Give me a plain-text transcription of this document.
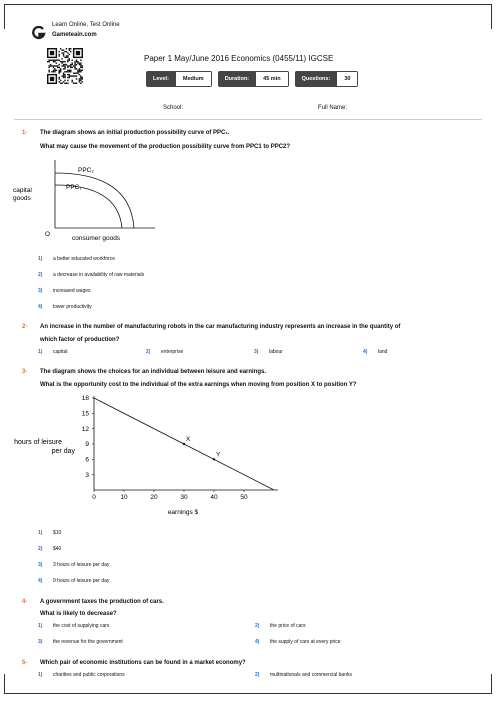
Learn Online, Test Online
Gameteain.com
Paper 1 May/June 2016 Economics (0455/11) IGCSE
Level:	Medium	Duration:	45 min	Questions:	30
School:	Full Name:
1- The diagram shows an initial production possibility curve of PPC₁.
What may cause the movement of the production possibility curve from PPC1 to PPC2?
PPC₂
PPC₁
capital
goods
O
consumer goods
1) a better educated workforce
2) a decrease in availability of raw materials
3) increased wages
4) lower productivity
2- An increase in the number of manufacturing robots in the car manufacturing industry represents an increase in the quantity of
which factor of production?
1) capital	2) enterprise	3) labour	4) land
3- The diagram shows the choices for an individual between leisure and earnings.
What is the opportunity cost to the individual of the extra earnings when moving from position X to position Y?
0	10	20	30	40	50
3
6
9
12
15
18
X
Y
hours of leisure
per day
earnings $
1) $10
2) $40
3) 3 hours of leisure per day
4) 9 hours of leisure per day
4- A government taxes the production of cars.
What is likely to decrease?
1) the cost of supplying cars	2) the price of cars
3) the revenue for the government	4) the supply of cars at every price
5- Which pair of economic institutions can be found in a market economy?
1) charities and public corporations	2) multinationals and commercial banks
